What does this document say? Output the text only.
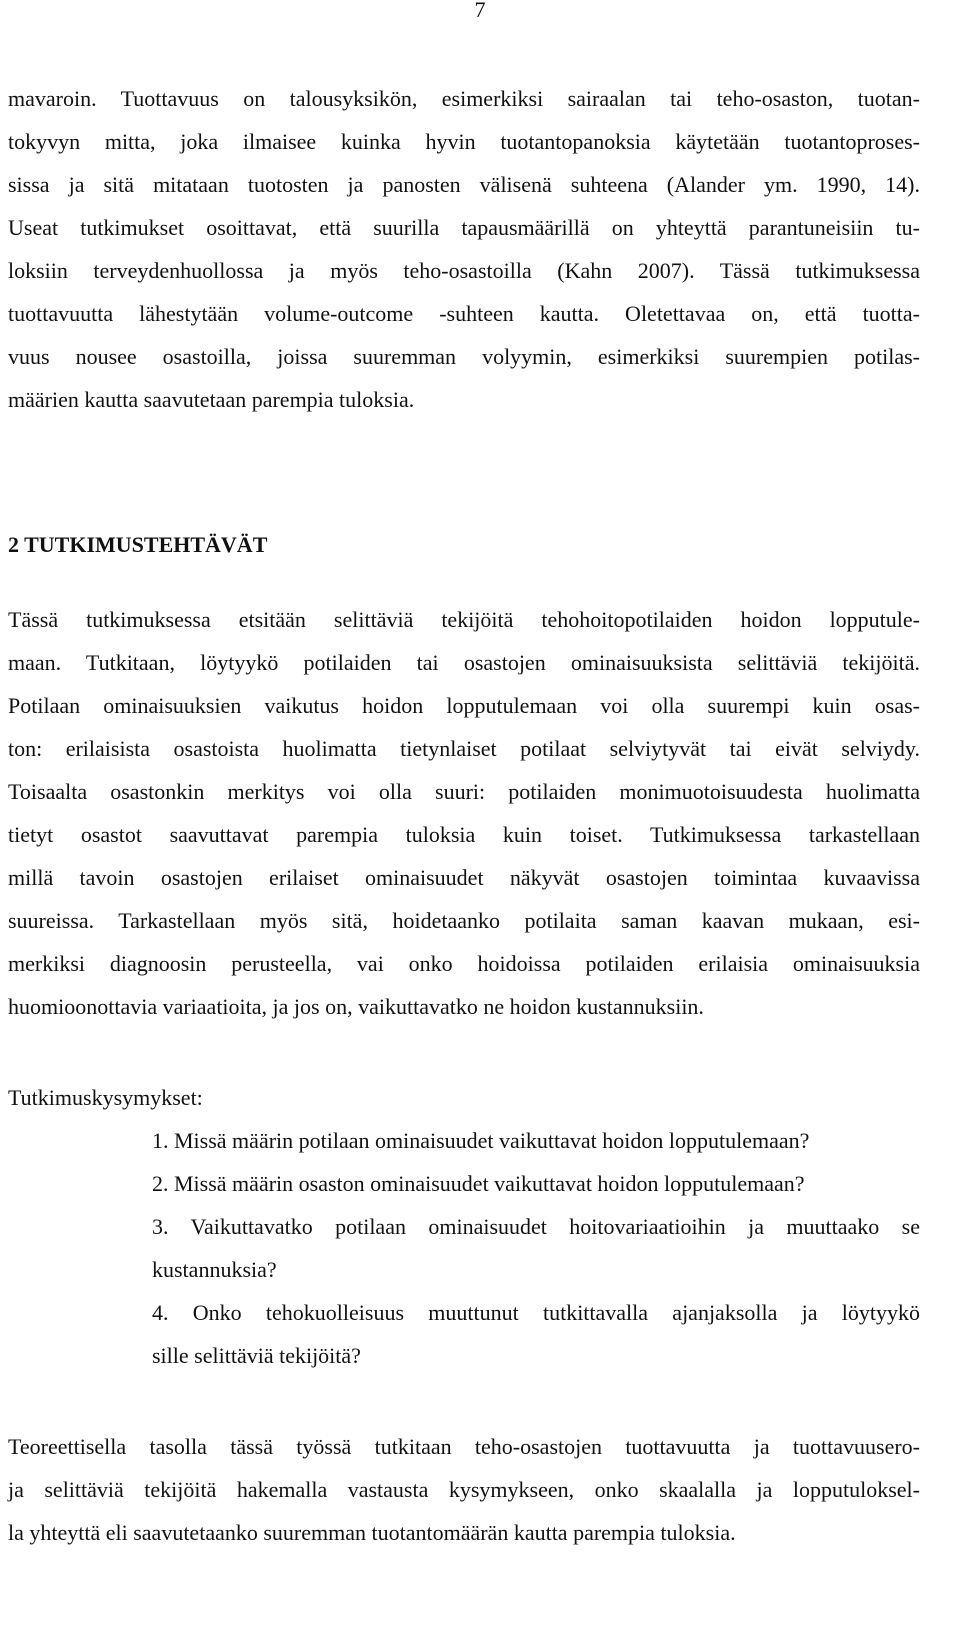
7
mavaroin. Tuottavuus on talousyksikön, esimerkiksi sairaalan tai teho-osaston, tuotan-
tokyvyn mitta, joka ilmaisee kuinka hyvin tuotantopanoksia käytetään tuotantoproses-
sissa ja sitä mitataan tuotosten ja panosten välisenä suhteena (Alander ym. 1990, 14).
Useat tutkimukset osoittavat, että suurilla tapausmäärillä on yhteyttä parantuneisiin tu-
loksiin terveydenhuollossa ja myös teho-osastoilla (Kahn 2007). Tässä tutkimuksessa
tuottavuutta lähestytään volume-outcome -suhteen kautta. Oletettavaa on, että tuotta-
vuus nousee osastoilla, joissa suuremman volyymin, esimerkiksi suurempien potilas-
määrien kautta saavutetaan parempia tuloksia.
2 TUTKIMUSTEHTÄVÄT
Tässä tutkimuksessa etsitään selittäviä tekijöitä tehohoitopotilaiden hoidon lopputule-
maan. Tutkitaan, löytyykö potilaiden tai osastojen ominaisuuksista selittäviä tekijöitä.
Potilaan ominaisuuksien vaikutus hoidon lopputulemaan voi olla suurempi kuin osas-
ton: erilaisista osastoista huolimatta tietynlaiset potilaat selviytyvät tai eivät selviydy.
Toisaalta osastonkin merkitys voi olla suuri: potilaiden monimuotoisuudesta huolimatta
tietyt osastot saavuttavat parempia tuloksia kuin toiset. Tutkimuksessa tarkastellaan
millä tavoin osastojen erilaiset ominaisuudet näkyvät osastojen toimintaa kuvaavissa
suureissa. Tarkastellaan myös sitä, hoidetaanko potilaita saman kaavan mukaan, esi-
merkiksi diagnoosin perusteella, vai onko hoidoissa potilaiden erilaisia ominaisuuksia
huomioonottavia variaatioita, ja jos on, vaikuttavatko ne hoidon kustannuksiin.
Tutkimuskysymykset:
1. Missä määrin potilaan ominaisuudet vaikuttavat hoidon lopputulemaan?
2. Missä määrin osaston ominaisuudet vaikuttavat hoidon lopputulemaan?
3. Vaikuttavatko potilaan ominaisuudet hoitovariaatioihin ja muuttaako se
kustannuksia?
4. Onko tehokuolleisuus muuttunut tutkittavalla ajanjaksolla ja löytyykö
sille selittäviä tekijöitä?
Teoreettisella tasolla tässä työssä tutkitaan teho-osastojen tuottavuutta ja tuottavuusero-
ja selittäviä tekijöitä hakemalla vastausta kysymykseen, onko skaalalla ja lopputuloksel-
la yhteyttä eli saavutetaanko suuremman tuotantomäärän kautta parempia tuloksia.
